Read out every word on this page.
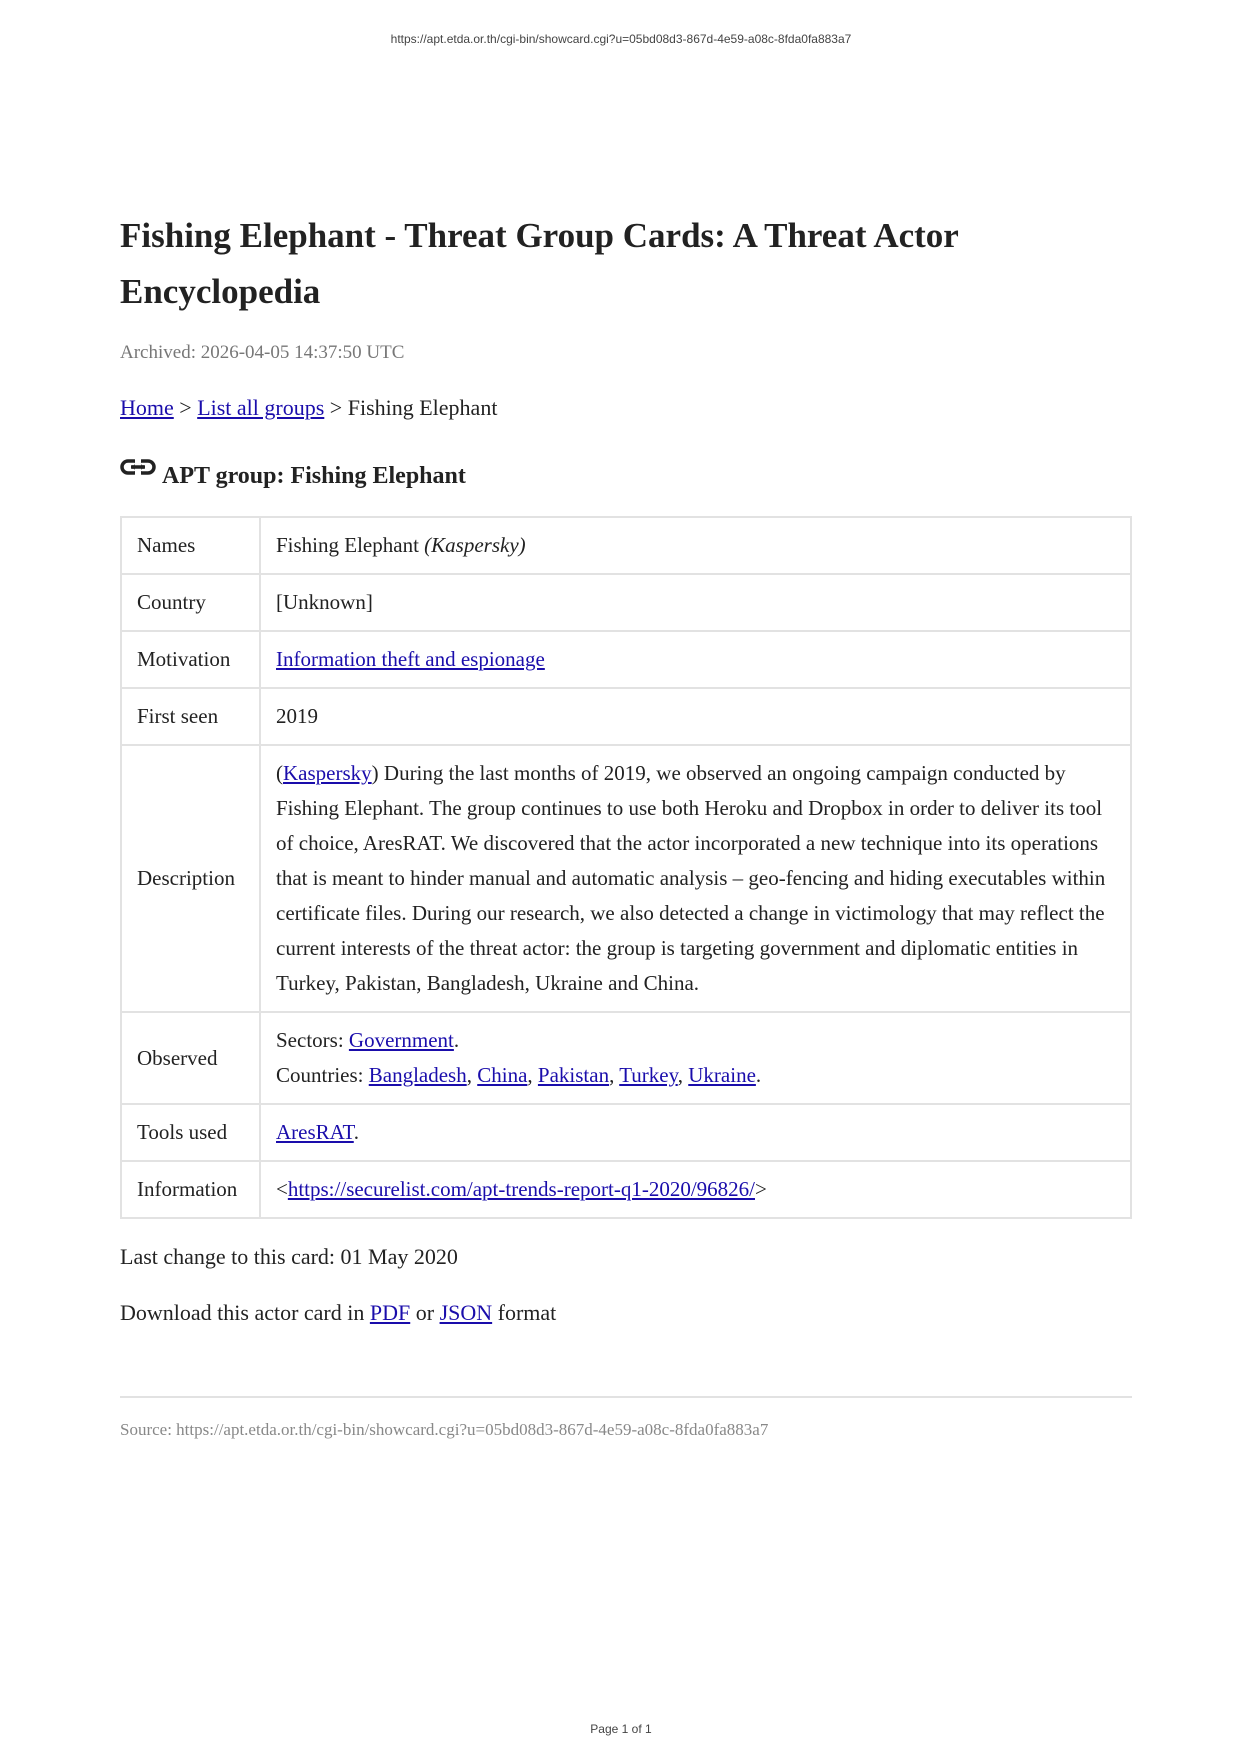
https://apt.etda.or.th/cgi-bin/showcard.cgi?u=05bd08d3-867d-4e59-a08c-8fda0fa883a7
Fishing Elephant - Threat Group Cards: A Threat Actor Encyclopedia
Archived: 2026-04-05 14:37:50 UTC
Home > List all groups > Fishing Elephant
APT group: Fishing Elephant
Names	Fishing Elephant (Kaspersky)
Country	[Unknown]
Motivation	Information theft and espionage
First seen	2019
Description	(Kaspersky) During the last months of 2019, we observed an ongoing campaign conducted by Fishing Elephant. The group continues to use both Heroku and Dropbox in order to deliver its tool of choice, AresRAT. We discovered that the actor incorporated a new technique into its operations that is meant to hinder manual and automatic analysis – geo-fencing and hiding executables within certificate files. During our research, we also detected a change in victimology that may reflect the current interests of the threat actor: the group is targeting government and diplomatic entities in Turkey, Pakistan, Bangladesh, Ukraine and China.
Observed	Sectors: Government.
Countries: Bangladesh, China, Pakistan, Turkey, Ukraine.

Tools used	AresRAT.
Information	<https://securelist.com/apt-trends-report-q1-2020/96826/>
Last change to this card: 01 May 2020
Download this actor card in PDF or JSON format
Source: https://apt.etda.or.th/cgi-bin/showcard.cgi?u=05bd08d3-867d-4e59-a08c-8fda0fa883a7
Page 1 of 1
